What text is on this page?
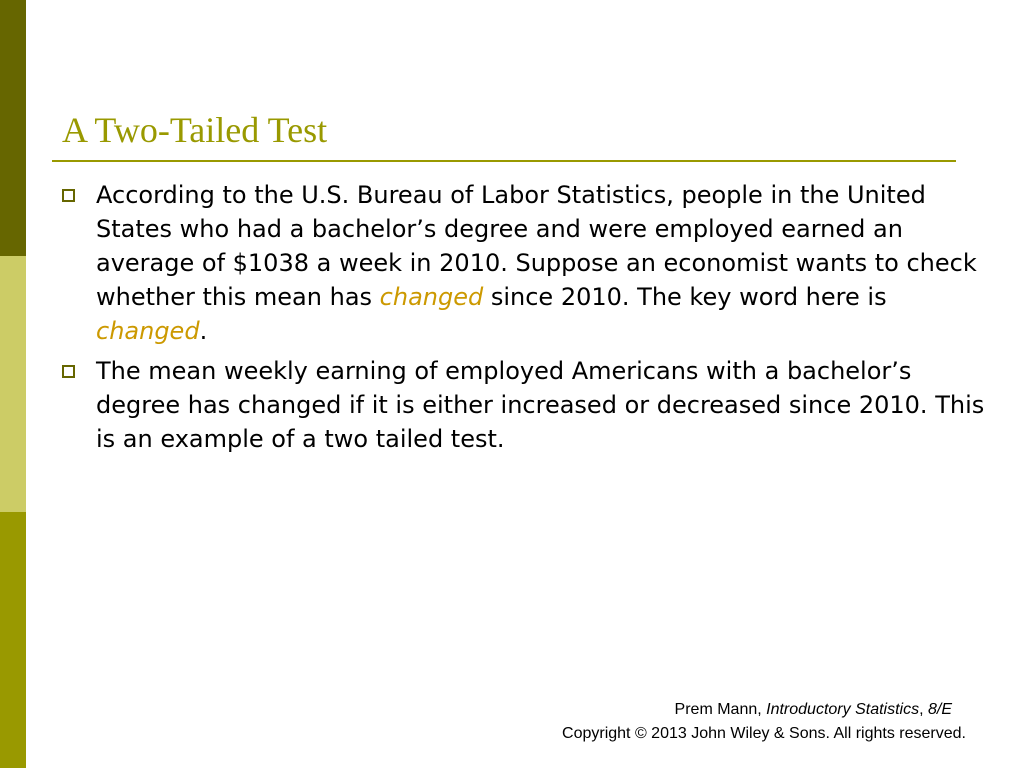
A Two-Tailed Test
According to the U.S. Bureau of Labor Statistics, people in the United States who had a bachelor’s degree and were employed earned an average of $1038 a week in 2010. Suppose an economist wants to check whether this mean has changed since 2010. The key word here is changed.
The mean weekly earning of employed Americans with a bachelor’s degree has changed if it is either increased or decreased since 2010. This is an example of a two tailed test.
Prem Mann, Introductory Statistics, 8/E
Copyright © 2013 John Wiley & Sons. All rights reserved.
